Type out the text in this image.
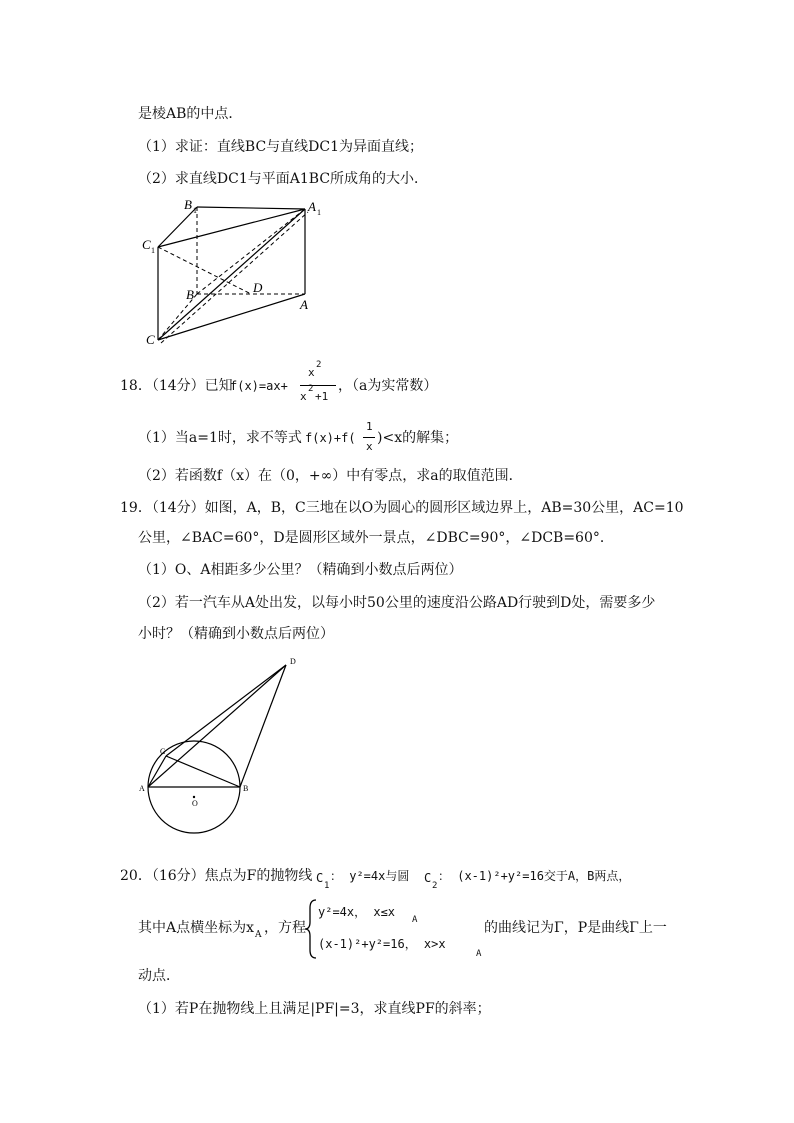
是棱AB的中点．
（1）求证：直线BC与直线DC1为异面直线；
（2）求直线DC1与平面A1BC所成角的大小．
B 1	A 1
C 1
B	D
A
C
18．（14分）已知
f(x)=ax+
x
2
x
2
+1
，（a为实常数）
（1）当a=1时，求不等式 f(x)+f(
1
x
)<x的解集；
（2）若函数f（x）在（0，+∞）中有零点，求a的取值范围．
19．（14分）如图，A，B，C三地在以O为圆心的圆形区域边界上，AB=30公里，AC=10
公里，∠BAC=60°，D是圆形区域外一景点，∠DBC=90°，∠DCB=60°．
（1）O、A相距多少公里？（精确到小数点后两位）
（2）若一汽车从A处出发，以每小时50公里的速度沿公路AD行驶到D处，需要多少
小时？（精确到小数点后两位）
A	B
C
D
O
20．（16分）焦点为F的抛物线 C
1
： y²=4x与圆 C
2
： (x-1)²+y²=16交于A，B两点，
其中A点横坐标为x A ，方程
y²=4x， x≤x
A
(x-1)²+y²=16， x>x
A
的曲线记为Γ，P是曲线Γ上一
动点．
（1）若P在抛物线上且满足|PF|=3，求直线PF的斜率；
